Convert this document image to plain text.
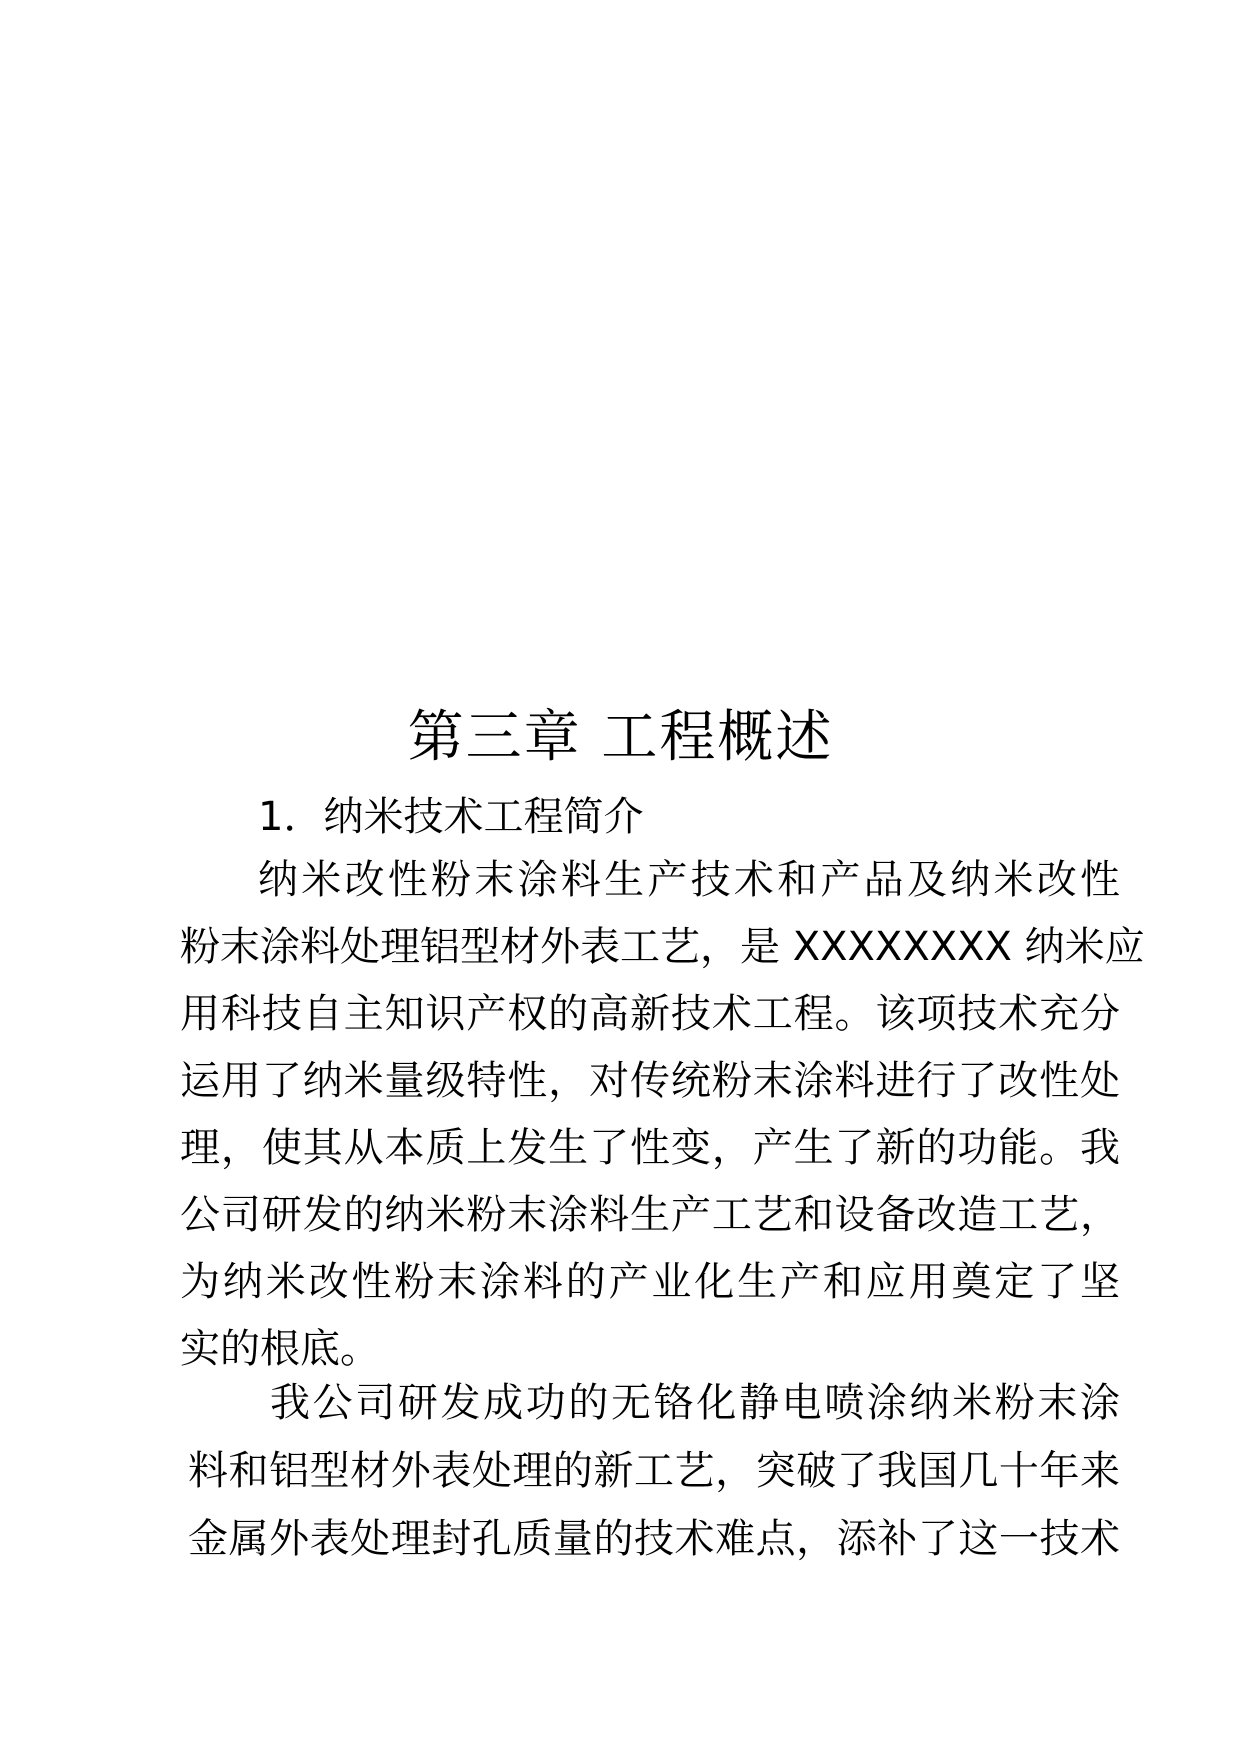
第三章 工程概述
1．纳米技术工程简介
纳米改性粉末涂料生产技术和产品及纳米改性
粉末涂料处理铝型材外表工艺，是 XXXXXXXX 纳米应
用科技自主知识产权的高新技术工程。该项技术充分
运用了纳米量级特性，对传统粉末涂料进行了改性处
理，使其从本质上发生了性变，产生了新的功能。我
公司研发的纳米粉末涂料生产工艺和设备改造工艺，
为纳米改性粉末涂料的产业化生产和应用奠定了坚
实的根底。
我公司研发成功的无铬化静电喷涂纳米粉末涂
料和铝型材外表处理的新工艺，突破了我国几十年来
金属外表处理封孔质量的技术难点，添补了这一技术
